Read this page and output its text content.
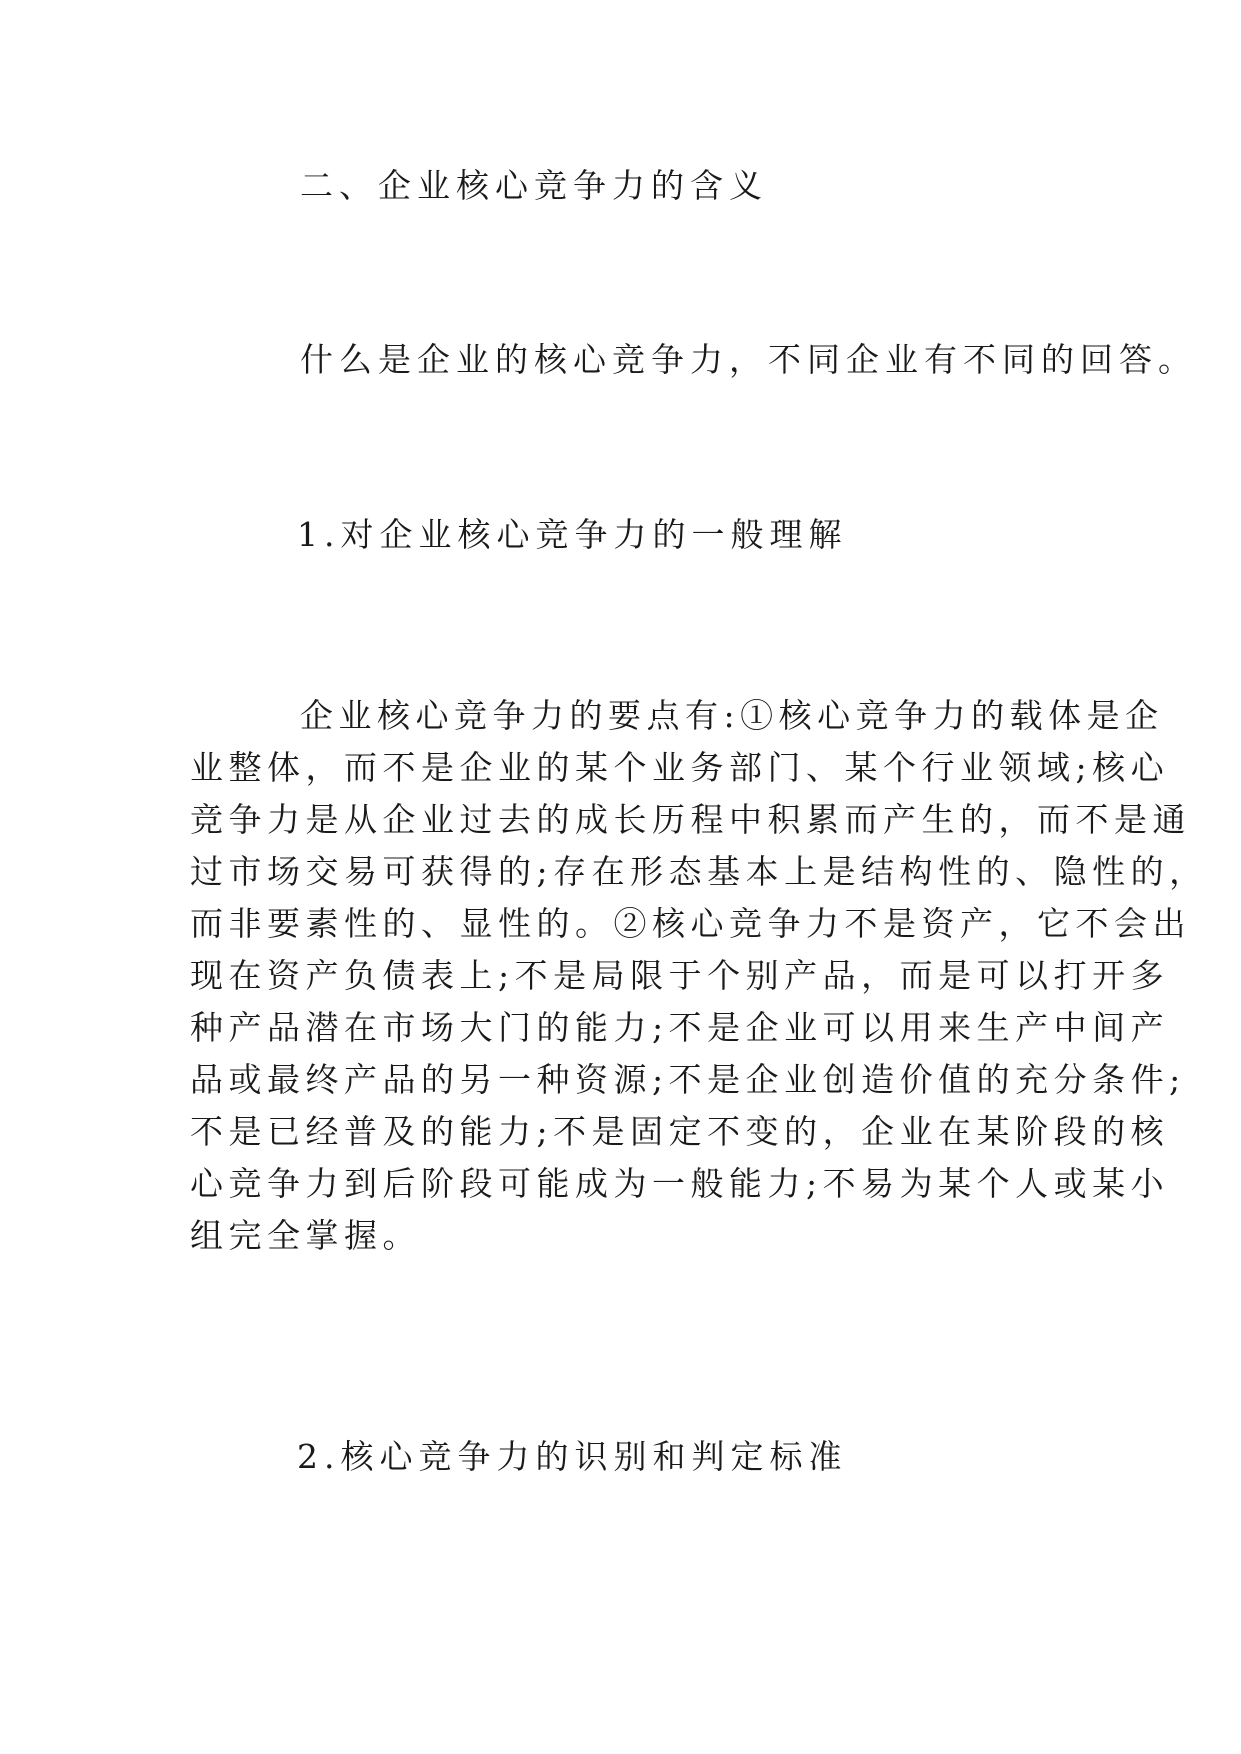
二、企业核心竞争力的含义

什么是企业的核心竞争力，不同企业有不同的回答。

1.对企业核心竞争力的一般理解

企业核心竞争力的要点有:①核心竞争力的载体是企
业整体，而不是企业的某个业务部门、某个行业领域;核心
竞争力是从企业过去的成长历程中积累而产生的，而不是通
过市场交易可获得的;存在形态基本上是结构性的、隐性的，
而非要素性的、显性的。②核心竞争力不是资产，它不会出
现在资产负债表上;不是局限于个别产品，而是可以打开多
种产品潜在市场大门的能力;不是企业可以用来生产中间产
品或最终产品的另一种资源;不是企业创造价值的充分条件;
不是已经普及的能力;不是固定不变的，企业在某阶段的核
心竞争力到后阶段可能成为一般能力;不易为某个人或某小
组完全掌握。

2.核心竞争力的识别和判定标准
